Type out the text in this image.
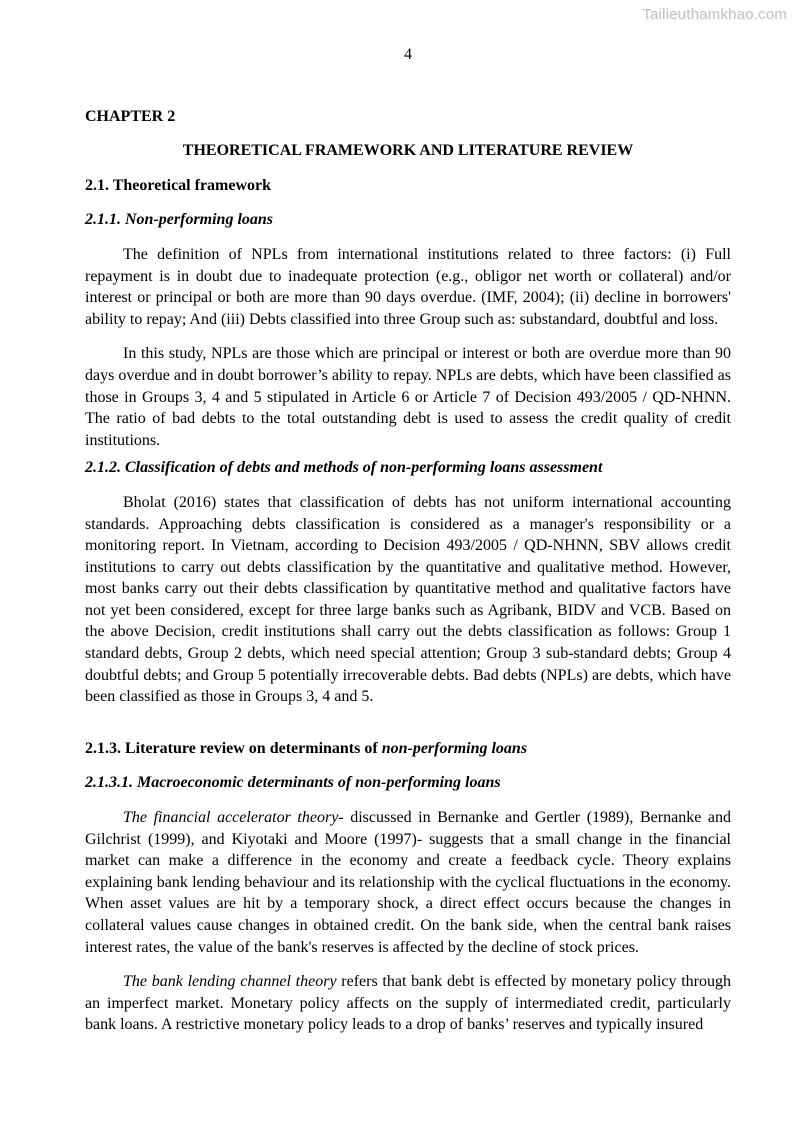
Tailieuthamkhao.com
4

CHAPTER 2

THEORETICAL FRAMEWORK AND LITERATURE REVIEW

2.1. Theoretical framework

2.1.1. Non-performing loans

The definition of NPLs from international institutions related to three factors: (i) Full repayment is in doubt due to inadequate protection (e.g., obligor net worth or collateral) and/or interest or principal or both are more than 90 days overdue. (IMF, 2004); (ii) decline in borrowers' ability to repay; And (iii) Debts classified into three Group such as: substandard, doubtful and loss.

In this study, NPLs are those which are principal or interest or both are overdue more than 90 days overdue and in doubt borrower’s ability to repay. NPLs are debts, which have been classified as those in Groups 3, 4 and 5 stipulated in Article 6 or Article 7 of Decision 493/2005 / QD-NHNN. The ratio of bad debts to the total outstanding debt is used to assess the credit quality of credit institutions.

2.1.2. Classification of debts and methods of non-performing loans assessment

Bholat (2016) states that classification of debts has not uniform international accounting standards. Approaching debts classification is considered as a manager's responsibility or a monitoring report. In Vietnam, according to Decision 493/2005 / QD-NHNN, SBV allows credit institutions to carry out debts classification by the quantitative and qualitative method. However, most banks carry out their debts classification by quantitative method and qualitative factors have not yet been considered, except for three large banks such as Agribank, BIDV and VCB. Based on the above Decision, credit institutions shall carry out the debts classification as follows: Group 1 standard debts, Group 2 debts, which need special attention; Group 3 sub-standard debts; Group 4 doubtful debts; and Group 5 potentially irrecoverable debts. Bad debts (NPLs) are debts, which have been classified as those in Groups 3, 4 and 5.

2.1.3. Literature review on determinants of non-performing loans

2.1.3.1. Macroeconomic determinants of non-performing loans

The financial accelerator theory- discussed in Bernanke and Gertler (1989), Bernanke and Gilchrist (1999), and Kiyotaki and Moore (1997)- suggests that a small change in the financial market can make a difference in the economy and create a feedback cycle. Theory explains explaining bank lending behaviour and its relationship with the cyclical fluctuations in the economy. When asset values are hit by a temporary shock, a direct effect occurs because the changes in collateral values cause changes in obtained credit. On the bank side, when the central bank raises interest rates, the value of the bank's reserves is affected by the decline of stock prices.

The bank lending channel theory refers that bank debt is effected by monetary policy through an imperfect market. Monetary policy affects on the supply of intermediated credit, particularly bank loans. A restrictive monetary policy leads to a drop of banks’ reserves and typically insured
